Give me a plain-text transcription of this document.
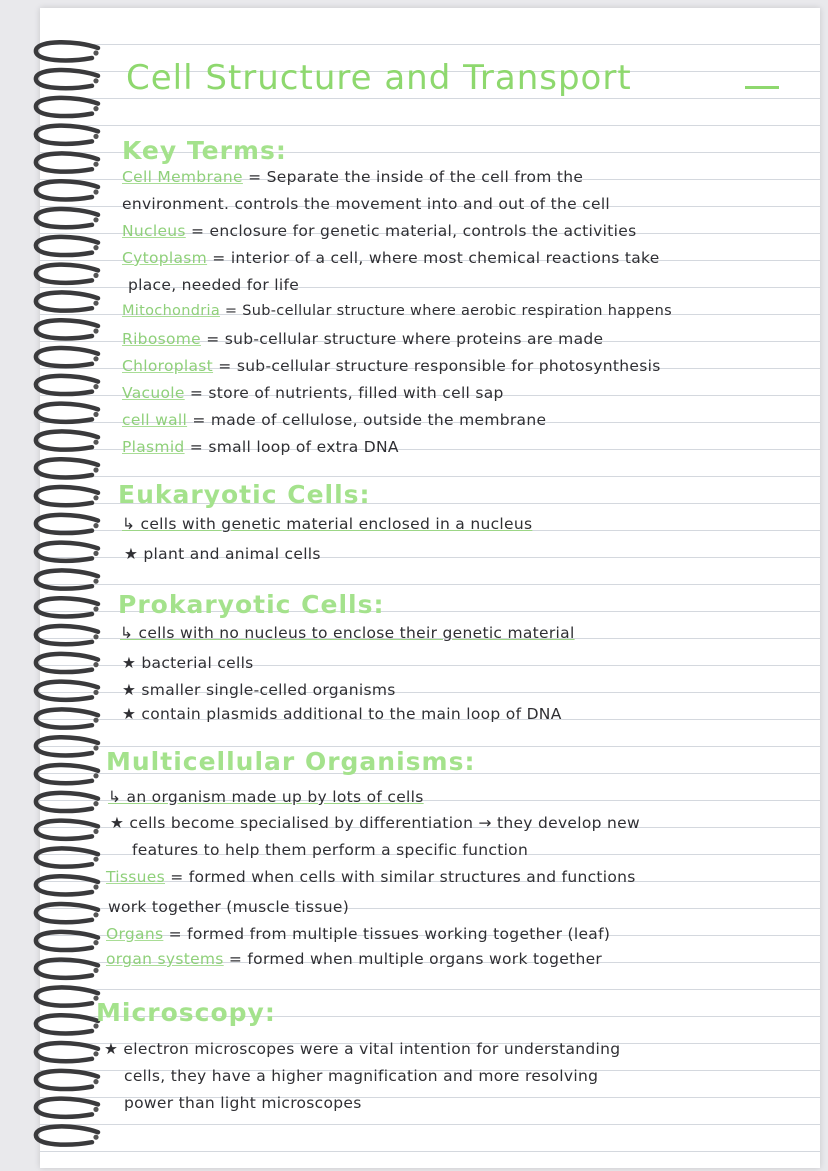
Cell Structure and Transport
Key Terms:
Cell Membrane = Separate the inside of the cell from the
environment. controls the movement into and out of the cell
Nucleus = enclosure for genetic material, controls the activities
Cytoplasm = interior of a cell, where most chemical reactions take
place, needed for life
Mitochondria = Sub-cellular structure where aerobic respiration happens
Ribosome = sub-cellular structure where proteins are made
Chloroplast = sub-cellular structure responsible for photosynthesis
Vacuole = store of nutrients, filled with cell sap
cell wall = made of cellulose, outside the membrane
Plasmid = small loop of extra DNA
Eukaryotic Cells:
↳ cells with genetic material enclosed in a nucleus
★ plant and animal cells
Prokaryotic Cells:
↳ cells with no nucleus to enclose their genetic material
★ bacterial cells
★ smaller single-celled organisms
★ contain plasmids additional to the main loop of DNA
Multicellular Organisms:
↳ an organism made up by lots of cells
★ cells become specialised by differentiation → they develop new
features to help them perform a specific function
Tissues = formed when cells with similar structures and functions
work together (muscle tissue)
Organs = formed from multiple tissues working together (leaf)
organ systems = formed when multiple organs work together
Microscopy:
★ electron microscopes were a vital intention for understanding
cells, they have a higher magnification and more resolving
power than light microscopes
